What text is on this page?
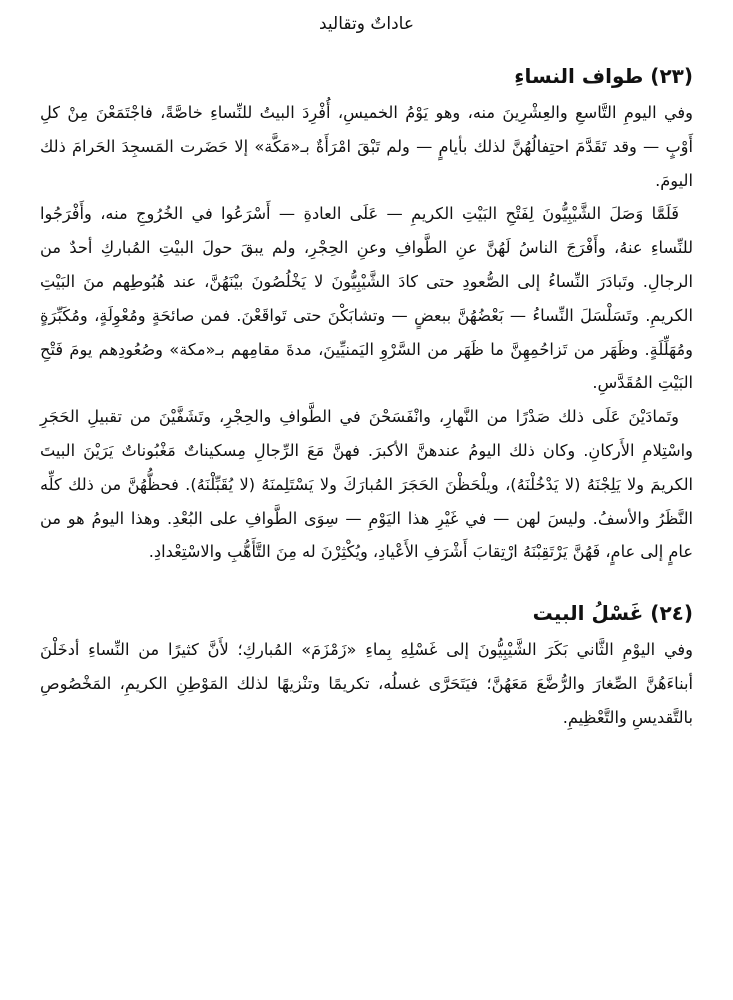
عاداتٌ وتقاليد
(٢٣) طواف النساءِ

وفي اليومِ التَّاسعِ والعِشْرِينَ منه، وهو يَوْمُ الخميسِ، أُفْرِدَ البيتُ للنِّساءِ خاصَّةً، فاجْتَمَعْنَ مِنْ كلِ أَوْبٍ — وقد تَقَدَّمَ احتِفالُهُنَّ لذلك بأيامٍ — ولم تَبْقَ امْرَأَةٌ بـ«مَكَّة» إلا حَضَرت المَسجِدَ الحَرامَ ذلك اليومَ.

فَلَمَّا وَصَلَ الشَّيْبِيُّونَ لِفَتْحِ البَيْتِ الكريمِ — عَلَى العادةِ — أَسْرَعُوا في الخُرُوجِ منه، وأَفْرَجُوا للنِّساءِ عنهُ، وأَفْرَجَ الناسُ لَهُنَّ عنِ الطَّوافِ وعنِ الحِجْرِ، ولم يبقَ حولَ البيْتِ المُباركِ أحدٌ من الرجالِ. وتَبادَرَ النِّساءُ إلى الصُّعودِ حتى كادَ الشَّيْبِيُّونَ لا يَخْلُصُونَ بيْنَهُنَّ، عند هُبُوطِهم منَ البَيْتِ الكريمِ. وتَسَلْسَلَ النِّساءُ — بَعْضُهُنَّ ببعضٍ — وتشابَكْنَ حتى تَواقَعْنَ. فمن صائحَةٍ ومُعْوِلَةٍ، ومُكَبِّرَةٍ ومُهَلِّلَةٍ. وظَهَر من تَزاحُمِهِنَّ ما ظَهَر من السَّرْوِ اليَمنيِّينَ، مدةَ مقامِهم بـ«مكة» وصُعُودِهم يومَ فَتْحِ البَيْتِ المُقَدَّسِ.

وتَمادَيْنَ عَلَى ذلك صَدْرًا من النَّهارِ، وانْفَسَحْنَ في الطَّوافِ والحِجْرِ، وتَشَفَّيْنَ من تقبيلِ الحَجَرِ واسْتِلامِ الأَركانِ. وكان ذلك اليومُ عندهنَّ الأكبرَ. فهنَّ مَعَ الرِّجالِ مِسكيناتٌ مَغْبُوناتٌ يَرَيْنَ البيتَ الكريمَ ولا يَلِجْنَهُ (لا يَدْخُلْنَهُ)، ويلْحَظْنَ الحَجَرَ المُبارَكَ ولا يَسْتَلِمنَهُ (لا يُقَبِّلْنَهُ). فحظُّهُنَّ من ذلك كلِّه النَّظَرُ والأسفُ. وليسَ لهن — في غَيْرِ هذا اليَوْمِ — سِوَى الطَّوافِ على البُعْدِ. وهذا اليومُ هو من عامٍ إلى عامٍ، فَهُنَّ يَرْتَقِبْنَهُ ارْتِقابَ أَشْرَفِ الأَعْيادِ، ويُكْثِرْنَ له مِنَ التَّأَهُّبِ والاسْتِعْدادِ.

(٢٤) غَسْلُ البيت

وفي اليوْمِ الثَّاني بَكَرَ الشَّيْبِيُّونَ إلى غَسْلِهِ بِماءِ «زَمْزَمَ» المُباركِ؛ لأَنَّ كثيرًا من النِّساءِ أدخَلْنَ أبناءَهُنَّ الصِّغارَ والرُّضَّعَ مَعَهُنَّ؛ فيَتَحَرَّى غسلُه، تكريمًا وتنْزيهًا لذلك المَوْطِنِ الكريمِ، المَخْصُوصِ بالتَّقديسِ والتَّعْظِيمِ.
